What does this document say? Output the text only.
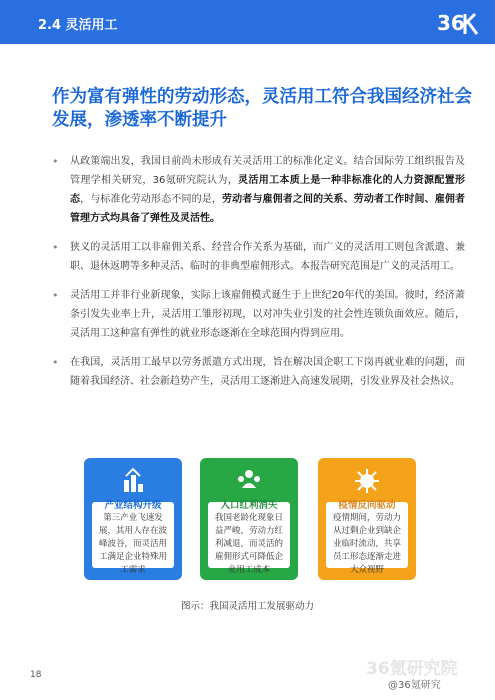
2.4 灵活用工	36
作为富有弹性的劳动形态，灵活用工符合我国经济社会发展，渗透率不断提升
• 从政策端出发，我国目前尚未形成有关灵活用工的标准化定义。结合国际劳工组织报告及管理学相关研究，36氪研究院认为，灵活用工本质上是一种非标准化的人力资源配置形态，与标准化劳动形态不同的是，劳动者与雇佣者之间的关系、劳动者工作时间、雇佣者管理方式均具备了弹性及灵活性。
• 狭义的灵活用工以非雇佣关系、经营合作关系为基础，而广义的灵活用工则包含派遣、兼职、退休返聘等多种灵活、临时的非典型雇佣形式。本报告研究范围是广义的灵活用工。
• 灵活用工并非行业新现象，实际上该雇佣模式诞生于上世纪20年代的美国。彼时，经济萧条引发失业率上升，灵活用工雏形初现，以对冲失业引发的社会性连锁负面效应。随后，灵活用工这种富有弹性的就业形态逐渐在全球范围内得到应用。
• 在我国，灵活用工最早以劳务派遣方式出现，旨在解决国企职工下岗再就业难的问题，而随着我国经济、社会新趋势产生，灵活用工逐渐进入高速发展期，引发业界及社会热议。
产业结构升级
第三产业飞速发展，其用人存在波峰波谷，而灵活用工满足企业特殊用工需求
人口红利消失
我国老龄化现象日益严峻，劳动力红利减退，而灵活的雇佣形式可降低企业用工成本
疫情反向驱动
疫情期间，劳动力从过剩企业到缺企业临时流动，共享员工形态逐渐走进大众视野
图示：我国灵活用工发展驱动力
18	36氪研究院
@36氪研究
